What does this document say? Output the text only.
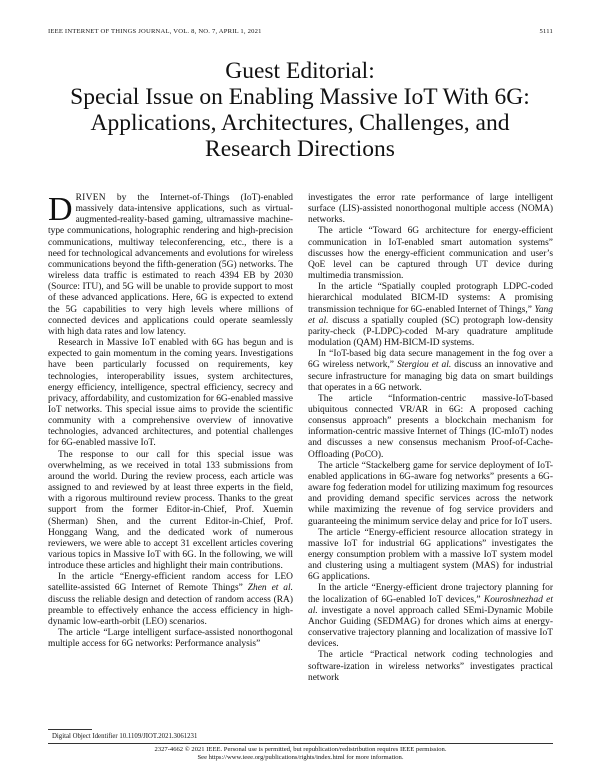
IEEE INTERNET OF THINGS JOURNAL, VOL. 8, NO. 7, APRIL 1, 2021	5111
Guest Editorial:
Special Issue on Enabling Massive IoT With 6G:
Applications, Architectures, Challenges, and
Research Directions

DRIVEN by the Internet-of-Things (IoT)-enabled massively data-intensive applications, such as virtual-augmented-reality-based gaming, ultramassive machine-type communications, holographic rendering and high-precision communications, multiway teleconferencing, etc., there is a need for technological advancements and evolutions for wireless communications beyond the fifth-generation (5G) networks. The wireless data traffic is estimated to reach 4394 EB by 2030 (Source: ITU), and 5G will be unable to provide support to most of these advanced applications. Here, 6G is expected to extend the 5G capabilities to very high levels where millions of connected devices and applications could operate seamlessly with high data rates and low latency.

Research in Massive IoT enabled with 6G has begun and is expected to gain momentum in the coming years. Investigations have been particularly focussed on requirements, key technologies, interoperability issues, system architectures, energy efficiency, intelligence, spectral efficiency, secrecy and privacy, affordability, and customization for 6G-enabled massive IoT networks. This special issue aims to provide the scientific community with a comprehensive overview of innovative technologies, advanced architectures, and potential challenges for 6G-enabled massive IoT.

The response to our call for this special issue was overwhelming, as we received in total 133 submissions from around the world. During the review process, each article was assigned to and reviewed by at least three experts in the field, with a rigorous multiround review process. Thanks to the great support from the former Editor-in-Chief, Prof. Xuemin (Sherman) Shen, and the current Editor-in-Chief, Prof. Honggang Wang, and the dedicated work of numerous reviewers, we were able to accept 31 excellent articles covering various topics in Massive IoT with 6G. In the following, we will introduce these articles and highlight their main contributions.

In the article “Energy-efficient random access for LEO satellite-assisted 6G Internet of Remote Things” Zhen et al. discuss the reliable design and detection of random access (RA) preamble to effectively enhance the access efficiency in high-dynamic low-earth-orbit (LEO) scenarios.

The article “Large intelligent surface-assisted nonorthogonal multiple access for 6G networks: Performance analysis”

investigates the error rate performance of large intelligent surface (LIS)-assisted nonorthogonal multiple access (NOMA) networks.

The article “Toward 6G architecture for energy-efficient communication in IoT-enabled smart automation systems” discusses how the energy-efficient communication and user’s QoE level can be captured through UT device during multimedia transmission.

In the article “Spatially coupled protograph LDPC-coded hierarchical modulated BICM-ID systems: A promising transmission technique for 6G-enabled Internet of Things,” Yang et al. discuss a spatially coupled (SC) protograph low-density parity-check (P-LDPC)-coded M-ary quadrature amplitude modulation (QAM) HM-BICM-ID systems.

In “IoT-based big data secure management in the fog over a 6G wireless network,” Stergiou et al. discuss an innovative and secure infrastructure for managing big data on smart buildings that operates in a 6G network.

The article “Information-centric massive-IoT-based ubiquitous connected VR/AR in 6G: A proposed caching consensus approach” presents a blockchain mechanism for information-centric massive Internet of Things (IC-mIoT) nodes and discusses a new consensus mechanism Proof-of-Cache-Offloading (PoCO).

The article “Stackelberg game for service deployment of IoT-enabled applications in 6G-aware fog networks” presents a 6G-aware fog federation model for utilizing maximum fog resources and providing demand specific services across the network while maximizing the revenue of fog service providers and guaranteeing the minimum service delay and price for IoT users.

The article “Energy-efficient resource allocation strategy in massive IoT for industrial 6G applications” investigates the energy consumption problem with a massive IoT system model and clustering using a multiagent system (MAS) for industrial 6G applications.

In the article “Energy-efficient drone trajectory planning for the localization of 6G-enabled IoT devices,” Kouroshnezhad et al. investigate a novel approach called SEmi-Dynamic Mobile Anchor Guiding (SEDMAG) for drones which aims at energy-conservative trajectory planning and localization of massive IoT devices.

The article “Practical network coding technologies and software-ization in wireless networks” investigates practical network

Digital Object Identifier 10.1109/JIOT.2021.3061231
2327-4662 © 2021 IEEE. Personal use is permitted, but republication/redistribution requires IEEE permission.
See https://www.ieee.org/publications/rights/index.html for more information.
